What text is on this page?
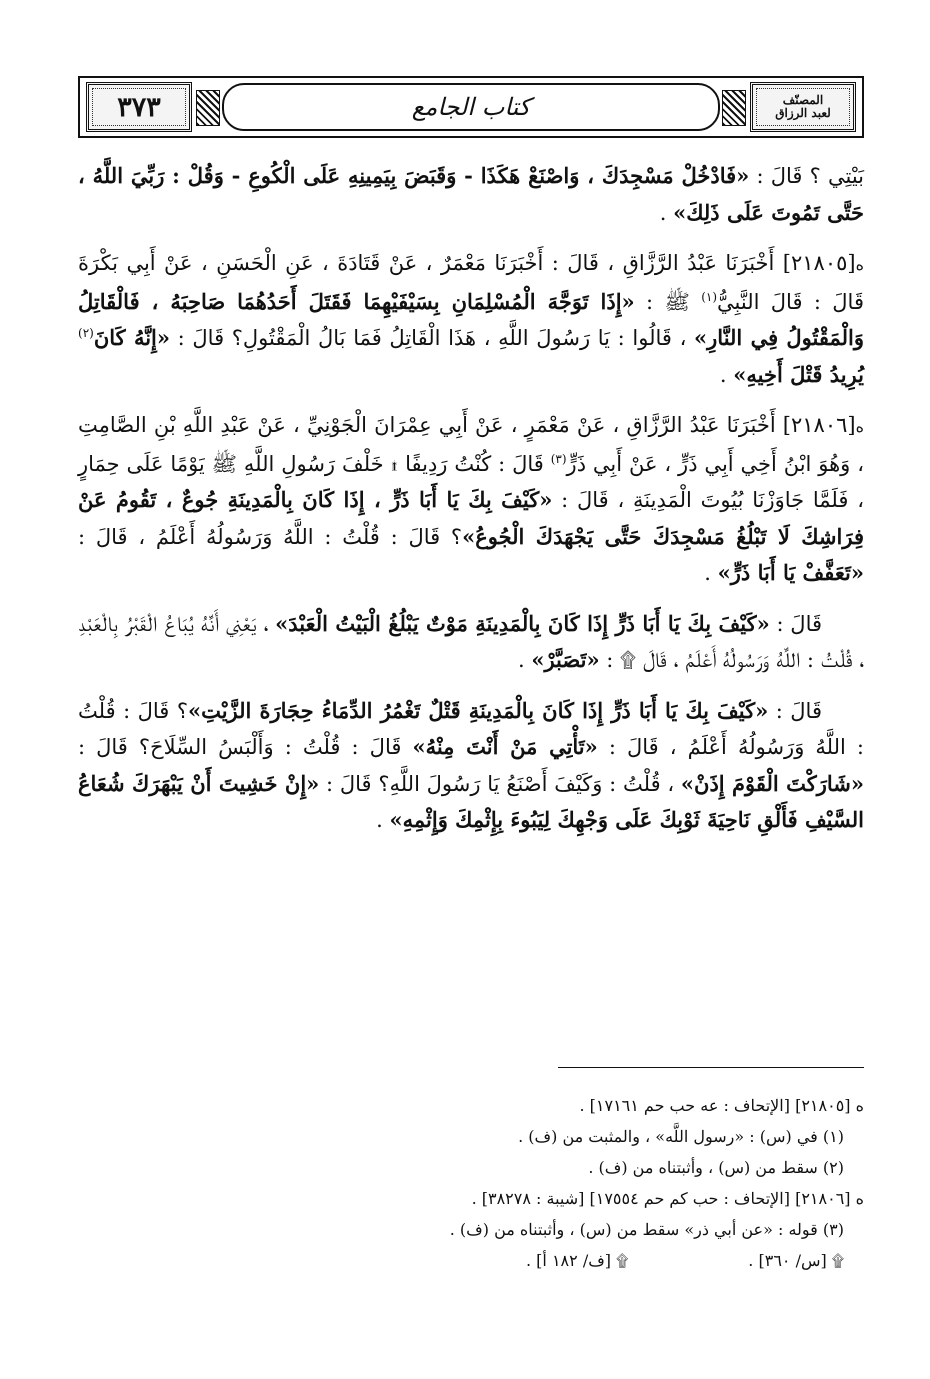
٣٧٣	كتاب الجامع	المصنّف
لعبد الرزاق

بَيْتِي ؟ قَالَ : «فَادْخُلْ مَسْجِدَكَ ، وَاصْنَعْ هَكَذَا - وَقَبَضَ بِيَمِينِهِ عَلَى الْكُوعِ - وَقُلْ : رَبِّيَ اللَّهُ ، حَتَّى تَمُوتَ عَلَى ذَلِكَ» .

ە[٢١٨٠٥] أَخْبَرَنَا عَبْدُ الرَّزَّاقِ ، قَالَ : أَخْبَرَنَا مَعْمَرٌ ، عَنْ قَتَادَةَ ، عَنِ الْحَسَنِ ، عَنْ أَبِي بَكْرَةَ قَالَ : قَالَ النَّبِيُّ$^{(١)}$ ﷺ : «إِذَا تَوَجَّهَ الْمُسْلِمَانِ بِسَيْفَيْهِمَا فَقَتَلَ أَحَدُهُمَا صَاحِبَهُ ، فَالْقَاتِلُ وَالْمَقْتُولُ فِي النَّارِ» ، قَالُوا : يَا رَسُولَ اللَّهِ ، هَذَا الْقَاتِلُ فَمَا بَالُ الْمَقْتُولِ؟ قَالَ : «إِنَّهُ كَانَ$^{(٢)}$ يُرِيدُ قَتْلَ أَخِيهِ» .

ە[٢١٨٠٦] أَخْبَرَنَا عَبْدُ الرَّزَّاقِ ، عَنْ مَعْمَرٍ ، عَنْ أَبِي عِمْرَانَ الْجَوْنِيِّ ، عَنْ عَبْدِ اللَّهِ بْنِ الصَّامِتِ ، وَهُوَ ابْنُ أَخِي أَبِي ذَرٍّ ، عَنْ أَبِي ذَرٍّ$^{(٣)}$ قَالَ : كُنْتُ رَدِيفًا ۩ خَلْفَ رَسُولِ اللَّهِ ﷺ يَوْمًا عَلَى حِمَارٍ ، فَلَمَّا جَاوَزْنَا بُيُوتَ الْمَدِينَةِ ، قَالَ : «كَيْفَ بِكَ يَا أَبَا ذَرٍّ ، إِذَا كَانَ بِالْمَدِينَةِ جُوعٌ ، تَقُومُ عَنْ فِرَاشِكَ لَا تَبْلُغُ مَسْجِدَكَ حَتَّى يَجْهَدَكَ الْجُوعُ»؟ قَالَ : قُلْتُ : اللَّهُ وَرَسُولُهُ أَعْلَمُ ، قَالَ : «تَعَفَّفْ يَا أَبَا ذَرٍّ» .

قَالَ : «كَيْفَ بِكَ يَا أَبَا ذَرٍّ إِذَا كَانَ بِالْمَدِينَةِ مَوْتٌ يَبْلُغُ الْبَيْتُ الْعَبْدَ» ، يَعْنِي أَنَّهُ يُبَاعُ الْقَبْرُ بِالْعَبْدِ ، قُلْتُ : اللَّهُ وَرَسُولُهُ أَعْلَمُ ، قَالَ ۩ : «تَصَبَّرْ» .

قَالَ : «كَيْفَ بِكَ يَا أَبَا ذَرٍّ إِذَا كَانَ بِالْمَدِينَةِ قَتْلٌ تَغْمُرُ الدِّمَاءُ حِجَارَةَ الزَّيْتِ»؟ قَالَ : قُلْتُ : اللَّهُ وَرَسُولُهُ أَعْلَمُ ، قَالَ : «تَأْتِي مَنْ أَنْتَ مِنْهُ» قَالَ : قُلْتُ : وَأَلْبَسُ السِّلَاحَ؟ قَالَ : «شَارَكْتَ الْقَوْمَ إِذَنْ» ، قُلْتُ : وَكَيْفَ أَصْنَعُ يَا رَسُولَ اللَّهِ؟ قَالَ : «إِنْ خَشِيتَ أَنْ يَبْهَرَكَ شُعَاعُ السَّيْفِ فَأَلْقِ نَاحِيَةَ ثَوْبِكَ عَلَى وَجْهِكَ لِيَبُوءَ بِإِثْمِكَ وَإِثْمِهِ» .

ە [٢١٨٠٥] [الإتحاف : عه حب حم ١٧١٦١] .

(١) في (س) : «رسول اللَّه» ، والمثبت من (ف) .

(٢) سقط من (س) ، وأثبتناه من (ف) .

ە [٢١٨٠٦] [الإتحاف : حب كم حم ١٧٥٥٤] [شيبة : ٣٨٢٧٨] .

(٣) قوله : «عن أبي ذر» سقط من (س) ، وأثبتناه من (ف) .

۩ [س/ ٣٦٠] .
۩ [ف/ ١٨٢ أ] .
